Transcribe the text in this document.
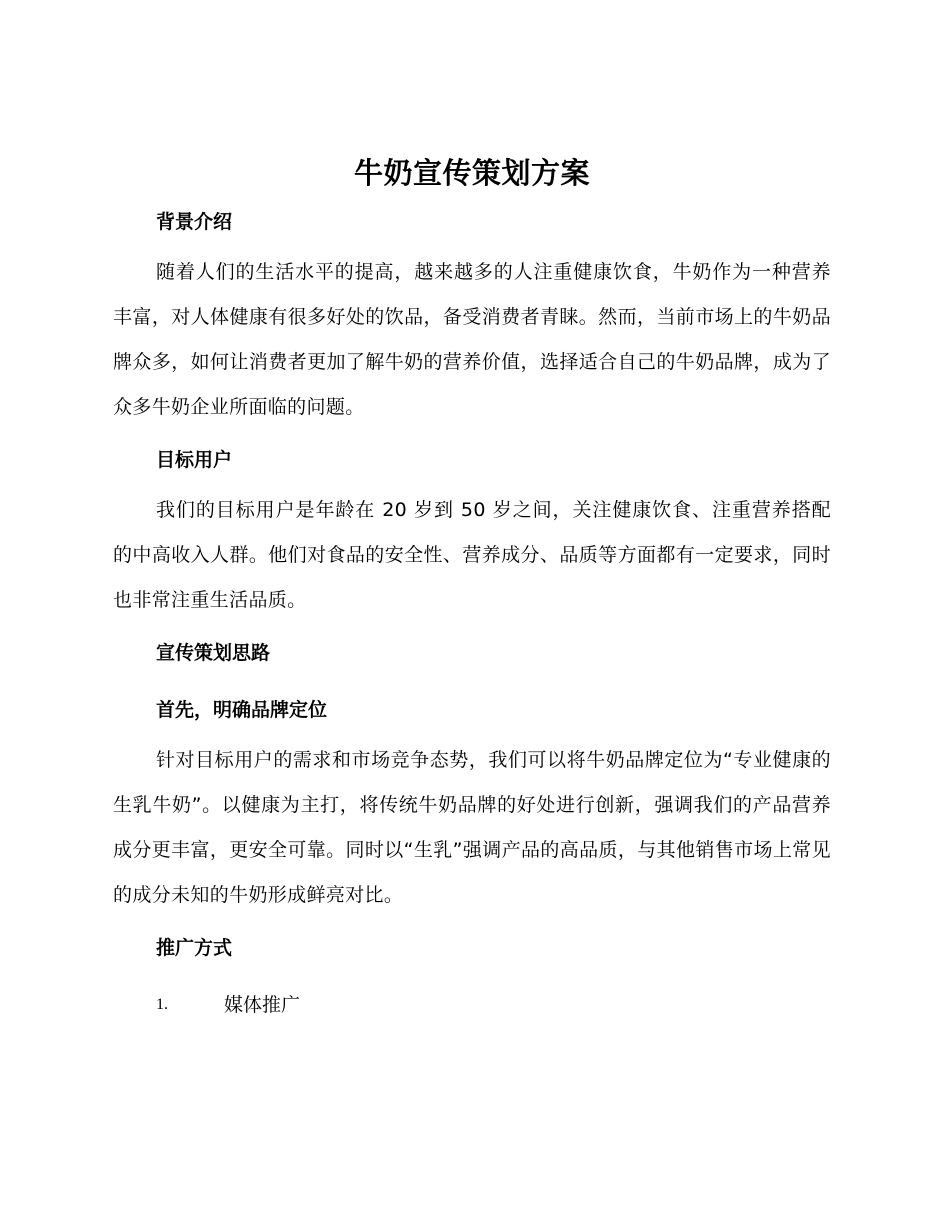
牛奶宣传策划方案
背景介绍

随着人们的生活水平的提高，越来越多的人注重健康饮食，牛奶作为一种营养丰富，对人体健康有很多好处的饮品，备受消费者青睐。然而，当前市场上的牛奶品牌众多，如何让消费者更加了解牛奶的营养价值，选择适合自己的牛奶品牌，成为了众多牛奶企业所面临的问题。

目标用户

我们的目标用户是年龄在 20 岁到 50 岁之间，关注健康饮食、注重营养搭配的中高收入人群。他们对食品的安全性、营养成分、品质等方面都有一定要求，同时也非常注重生活品质。

宣传策划思路
首先，明确品牌定位

针对目标用户的需求和市场竞争态势，我们可以将牛奶品牌定位为“专业健康的生乳牛奶”。以健康为主打，将传统牛奶品牌的好处进行创新，强调我们的产品营养成分更丰富，更安全可靠。同时以“生乳”强调产品的高品质，与其他销售市场上常见的成分未知的牛奶形成鲜亮对比。

推广方式
1.	媒体推广
